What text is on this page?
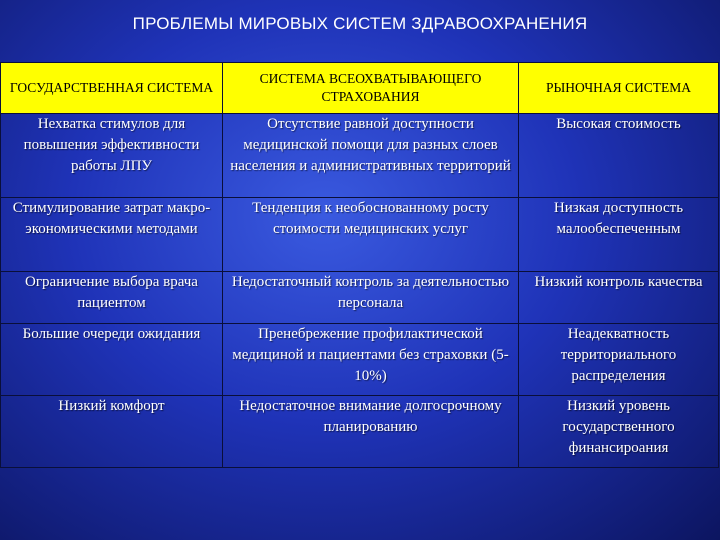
ПРОБЛЕМЫ МИРОВЫХ СИСТЕМ ЗДРАВООХРАНЕНИЯ
ГОСУДАРСТВЕННАЯ СИСТЕМА	СИСТЕМА ВСЕОХВАТЫВАЮЩЕГО СТРАХОВАНИЯ	РЫНОЧНАЯ СИСТЕМА
Нехватка стимулов для повышения эффективности работы ЛПУ	Отсутствие равной доступности медицинской помощи для разных слоев населения и административных территорий	Высокая стоимость
Стимулирование затрат макро-экономическими методами	Тенденция к необоснованному росту стоимости медицинских услуг	Низкая доступность малообеспеченным
Ограничение выбора врача пациентом	Недостаточный контроль за деятельностью персонала	Низкий контроль качества
Большие очереди ожидания	Пренебрежение профилактической медициной и пациентами без страховки (5-10%)	Неадекватность территориального распределения
Низкий комфорт	Недостаточное внимание долгосрочному планированию	Низкий уровень государственного финансироания
